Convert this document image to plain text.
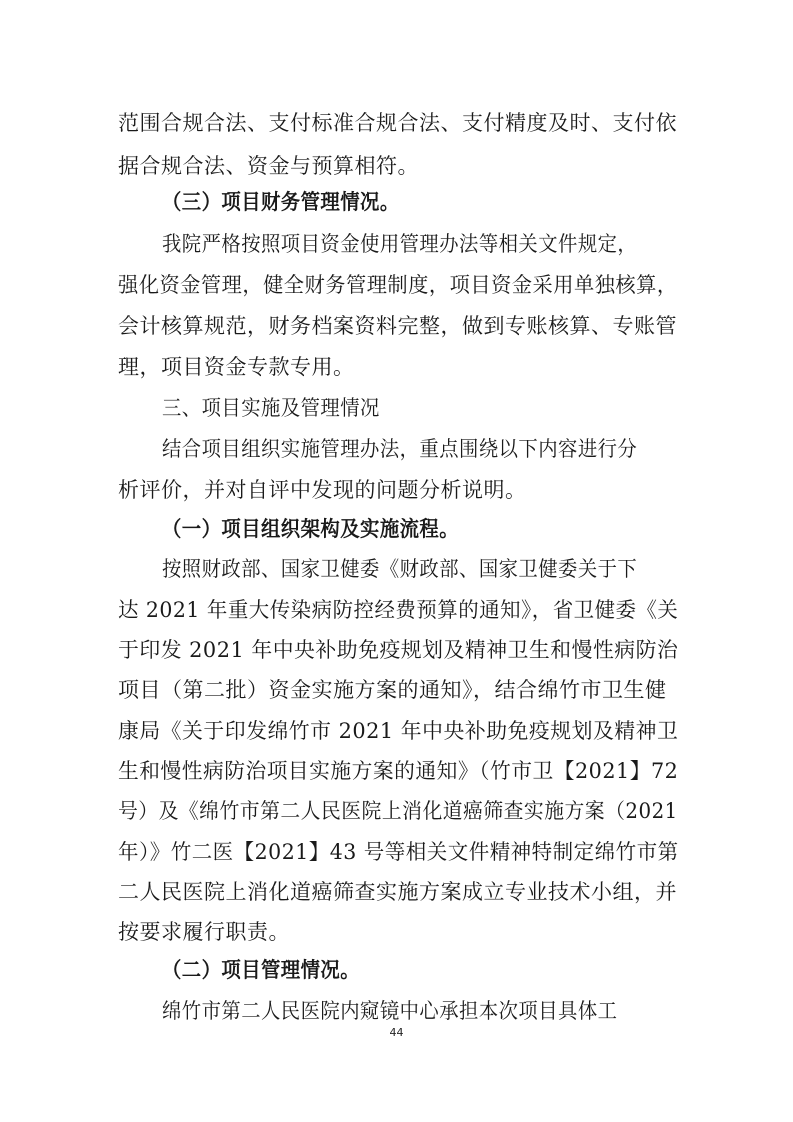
范围合规合法、支付标准合规合法、支付精度及时、支付依
据合规合法、资金与预算相符。
（三）项目财务管理情况。
我院严格按照项目资金使用管理办法等相关文件规定，
强化资金管理，健全财务管理制度，项目资金采用单独核算，
会计核算规范，财务档案资料完整，做到专账核算、专账管
理，项目资金专款专用。
三、项目实施及管理情况
结合项目组织实施管理办法，重点围绕以下内容进行分
析评价，并对自评中发现的问题分析说明。
（一）项目组织架构及实施流程。
按照财政部、国家卫健委《财政部、国家卫健委关于下
达 2021 年重大传染病防控经费预算的通知》，省卫健委《关
于印发 2021 年中央补助免疫规划及精神卫生和慢性病防治
项目（第二批）资金实施方案的通知》，结合绵竹市卫生健
康局《关于印发绵竹市 2021 年中央补助免疫规划及精神卫
生和慢性病防治项目实施方案的通知》（竹市卫【2021】72
号）及《绵竹市第二人民医院上消化道癌筛查实施方案（2021
年）》竹二医【2021】43 号等相关文件精神特制定绵竹市第
二人民医院上消化道癌筛查实施方案成立专业技术小组，并
按要求履行职责。
（二）项目管理情况。
绵竹市第二人民医院内窥镜中心承担本次项目具体工
44
